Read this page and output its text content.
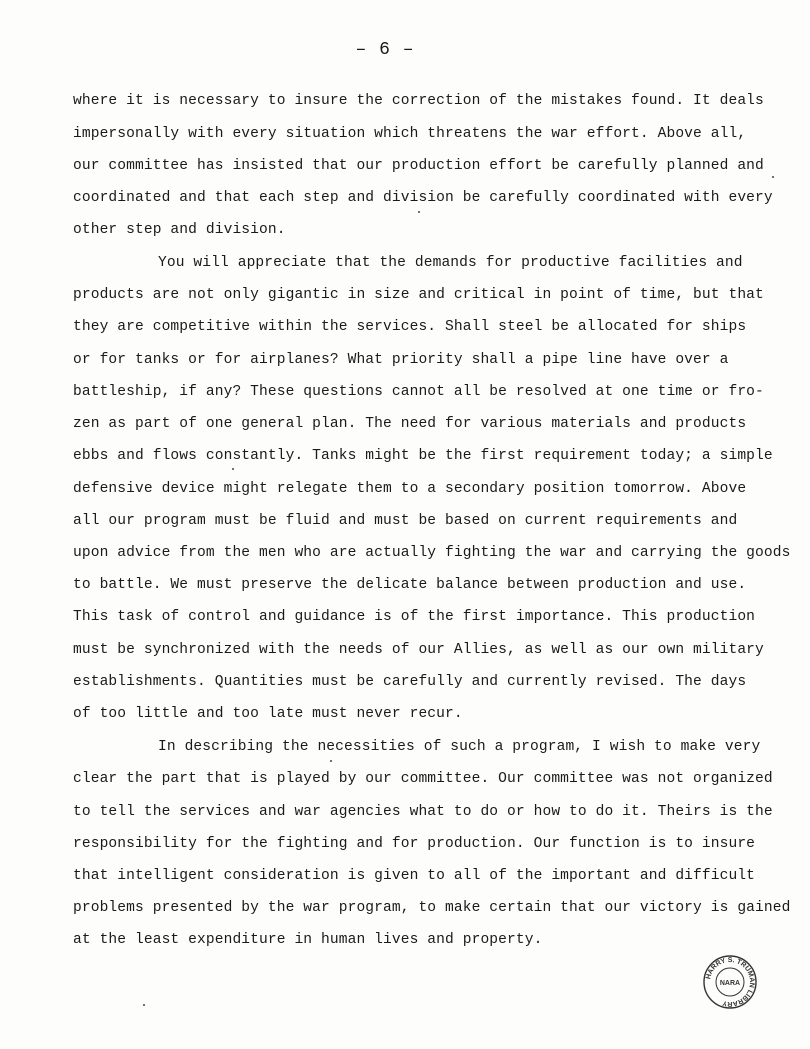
– 6 –
where it is necessary to insure the correction of the mistakes found. It deals
impersonally with every situation which threatens the war effort. Above all,
our committee has insisted that our production effort be carefully planned and
coordinated and that each step and division be carefully coordinated with every
other step and division.
You will appreciate that the demands for productive facilities and
products are not only gigantic in size and critical in point of time, but that
they are competitive within the services. Shall steel be allocated for ships
or for tanks or for airplanes? What priority shall a pipe line have over a
battleship, if any? These questions cannot all be resolved at one time or fro-
zen as part of one general plan. The need for various materials and products
ebbs and flows constantly. Tanks might be the first requirement today; a simple
defensive device might relegate them to a secondary position tomorrow. Above
all our program must be fluid and must be based on current requirements and
upon advice from the men who are actually fighting the war and carrying the goods
to battle. We must preserve the delicate balance between production and use.
This task of control and guidance is of the first importance. This production
must be synchronized with the needs of our Allies, as well as our own military
establishments. Quantities must be carefully and currently revised. The days
of too little and too late must never recur.
In describing the necessities of such a program, I wish to make very
clear the part that is played by our committee. Our committee was not organized
to tell the services and war agencies what to do or how to do it. Theirs is the
responsibility for the fighting and for production. Our function is to insure
that intelligent consideration is given to all of the important and difficult
problems presented by the war program, to make certain that our victory is gained
at the least expenditure in human lives and property.
HARRY S. TRUMAN LIBRARY
NARA
